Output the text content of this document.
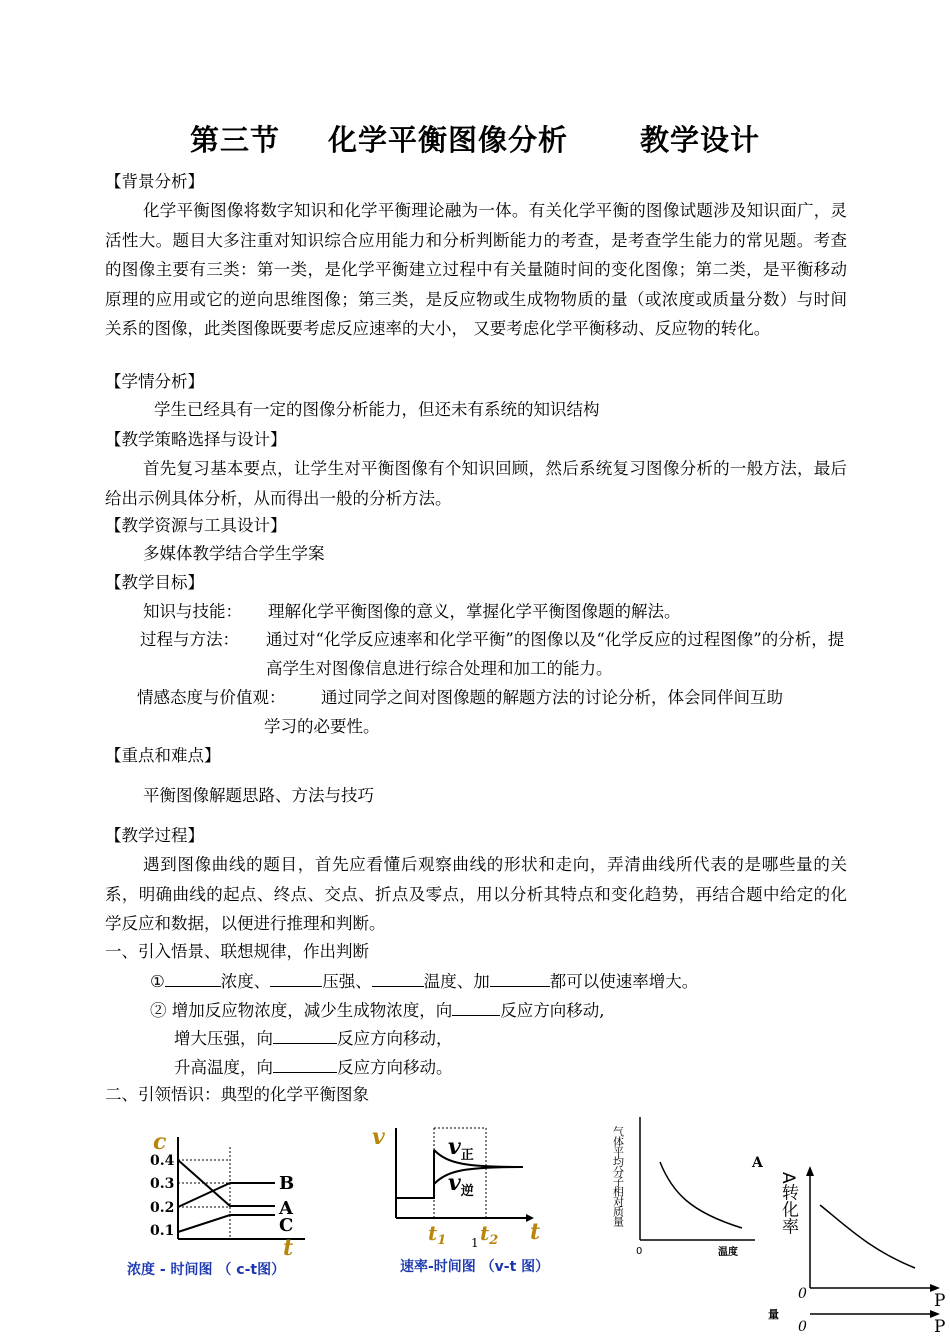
第三节 化学平衡图像分析 教学设计
【背景分析】
化学平衡图像将数字知识和化学平衡理论融为一体。有关化学平衡的图像试题涉及知识面广，灵活性大。题目大多注重对知识综合应用能力和分析判断能力的考查，是考查学生能力的常见题。考查的图像主要有三类：第一类，是化学平衡建立过程中有关量随时间的变化图像；第二类，是平衡移动原理的应用或它的逆向思维图像；第三类，是反应物或生成物物质的量（或浓度或质量分数）与时间关系的图像，此类图像既要考虑反应速率的大小， 又要考虑化学平衡移动、反应物的转化。
【学情分析】
学生已经具有一定的图像分析能力，但还未有系统的知识结构
【教学策略选择与设计】
首先复习基本要点，让学生对平衡图像有个知识回顾，然后系统复习图像分析的一般方法，最后给出示例具体分析，从而得出一般的分析方法。
【教学资源与工具设计】
多媒体教学结合学生学案
【教学目标】
知识与技能： 理解化学平衡图像的意义，掌握化学平衡图像题的解法。
过程与方法： 通过对“化学反应速率和化学平衡”的图像以及“化学反应的过程图像”的分析，提高学生对图像信息进行综合处理和加工的能力。
情感态度与价值观：	通过同学之间对图像题的解题方法的讨论分析，体会同伴间互助学习的必要性。
【重点和难点】
平衡图像解题思路、方法与技巧
【教学过程】
遇到图像曲线的题目，首先应看懂后观察曲线的形状和走向，弄清曲线所代表的是哪些量的关系，明确曲线的起点、终点、交点、折点及零点，用以分析其特点和变化趋势，再结合题中给定的化学反应和数据，以便进行推理和判断。
一、引入悟景、联想规律，作出判断
①	浓度、	压强、	温度、加	都可以使速率增大。
② 增加反应物浓度，减少生成物浓度，向	反应方向移动,
增大压强，向	反应方向移动，
升高温度，向	反应方向移动。
二、引领悟识：典型的化学平衡图象
c
0.4
0.3
0.2
0.1
B
A
C
t
浓度 - 时间图 （ c-t图）
v	$v_正$
$v_逆$
$t_1$ $t_2$ t
1
速率-时间图 （v-t 图）
气体平均分子相对质量
0	温度
A
A转化率
0	P
量
0	P
